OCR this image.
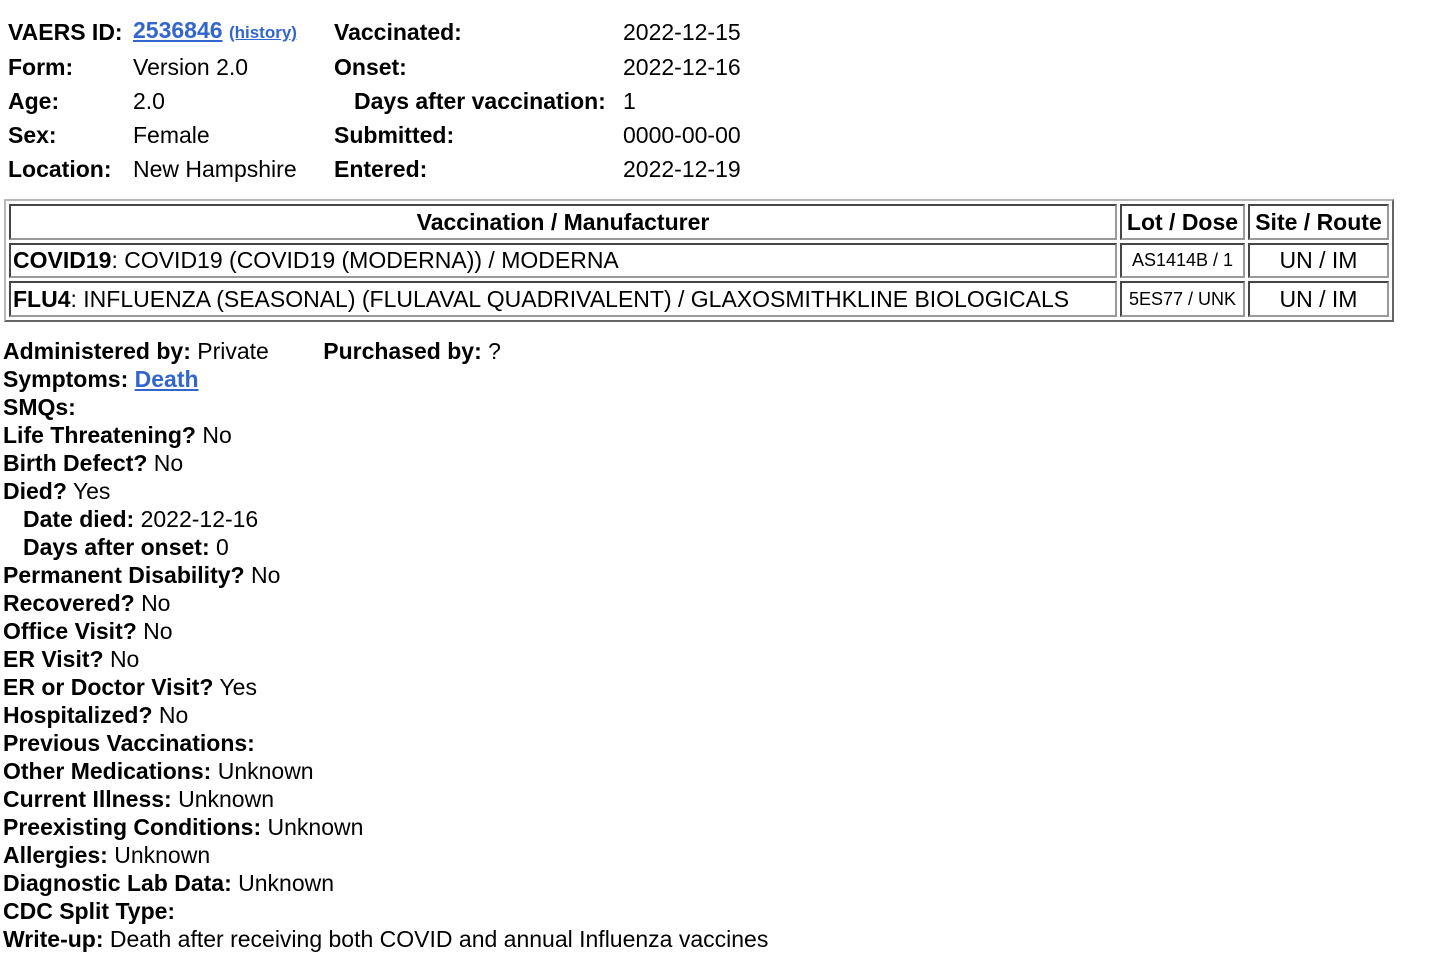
VAERS ID:	2536846 (history)	Vaccinated:	2022-12-15
Form:	Version 2.0	Onset:	2022-12-16
Age:	2.0	Days after vaccination:	1
Sex:	Female	Submitted:	0000-00-00
Location:	New Hampshire	Entered:	2022-12-19
Vaccination / Manufacturer	Lot / Dose	Site / Route
COVID19: COVID19 (COVID19 (MODERNA)) / MODERNA	AS1414B / 1	UN / IM
FLU4: INFLUENZA (SEASONAL) (FLULAVAL QUADRIVALENT) / GLAXOSMITHKLINE BIOLOGICALS	5ES77 / UNK	UN / IM
Administered by: Private Purchased by: ?
Symptoms: Death
SMQs:
Life Threatening? No
Birth Defect? No
Died? Yes
Date died: 2022-12-16
Days after onset: 0
Permanent Disability? No
Recovered? No
Office Visit? No
ER Visit? No
ER or Doctor Visit? Yes
Hospitalized? No
Previous Vaccinations:
Other Medications: Unknown
Current Illness: Unknown
Preexisting Conditions: Unknown
Allergies: Unknown
Diagnostic Lab Data: Unknown
CDC Split Type:
Write-up: Death after receiving both COVID and annual Influenza vaccines
